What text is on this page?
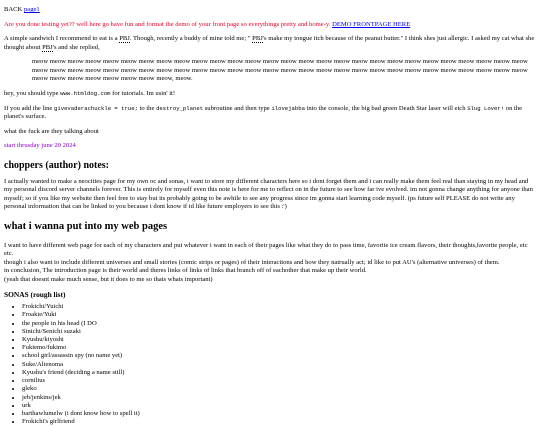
BACK page1

Are you done testing yet?? well here go have fun and format the demo of your front page so everythings pretty and home-y. DEMO FRONTPAGE HERE

A simple sandwich I recommend to eat is a PBJ. Though, recently a buddy of mine told me; " PBJ's make my tongue itch because of the peanut butter." I think shes just allergic. I asked my cat what she thought about PBJ's and she replied,

meow meow meow meow meow meow meow meow meow meow meow meow meow meow meow meow meow meow meow meow meow meow meow meow meow meow meow meow meow meow meow meow meow meow meow meow meow meow meow meow meow meow meow meow meow meow meow meow meow meow meow meow meow meow meow meow meow meow meow meow meow meow meow meow, meow.

hey, you should type www.htmldog.com for tutorials. Im usin' it!

If you add the line givevaderachuckle = true; to the destroy_planet subroutine and then type ilovejabba into the console, the big bad green Death Star laser will etch Slug Lover! on the planet's surface.

what the fuck are they talking about

start thrusday june 20 2024

choppers (author) notes:

I actually wanted to make a neocities page for my own oc and sonas, i want to store my different characters here so i dont forget them and i can really make them feel real than staying in my head and my personal discord server channels forever. This is entirely for myself even this note is here for me to reflect on in the future to see how far ive evolved. im not gonna change anything for anyone than myself; so if you like my website then feel free to stay but its probably going to be awhile to see any progress since im gonna start learning code myself. (ps future self PLEASE do not write any personal information that can be linked to you because i dont know if id like future employers to see this :')

what i wanna put into my web pages

I want to have different web page for each of my characters and put whatever i want in each of their pages like what they do to pass time, favorite ice cream flavors, their thoughts,favorite people, etc etc.
though i also want to include different universes and small stories (comic strips or pages) of their interactions and how they natrually act; id like to put AU's (alternative universes) of them.
in conclusion, The introduction page is their world and theres links of links of links that branch off of eachother that make up their world.
(yeah that doesnt make much sense, but it does to me so thats whats important)

SONAS (rough list)
• Frokichi/Yuichi
• Froakie/Yuki
• the people in his head (I DO
• Sinichi/Senichi suzaki
• Kyushu/kiyoshi
• Fukiemo/fukimo
• school girl/assassin spy (no name yet)
• Suke/Alienoma
• Kyushu's friend (deciding a name still)
• cornilius
• gleko
• jeb/jenkins/jek
• urk
• barthawlumelw (i dont know how to spell it)
• Frokichi's girlfriend
